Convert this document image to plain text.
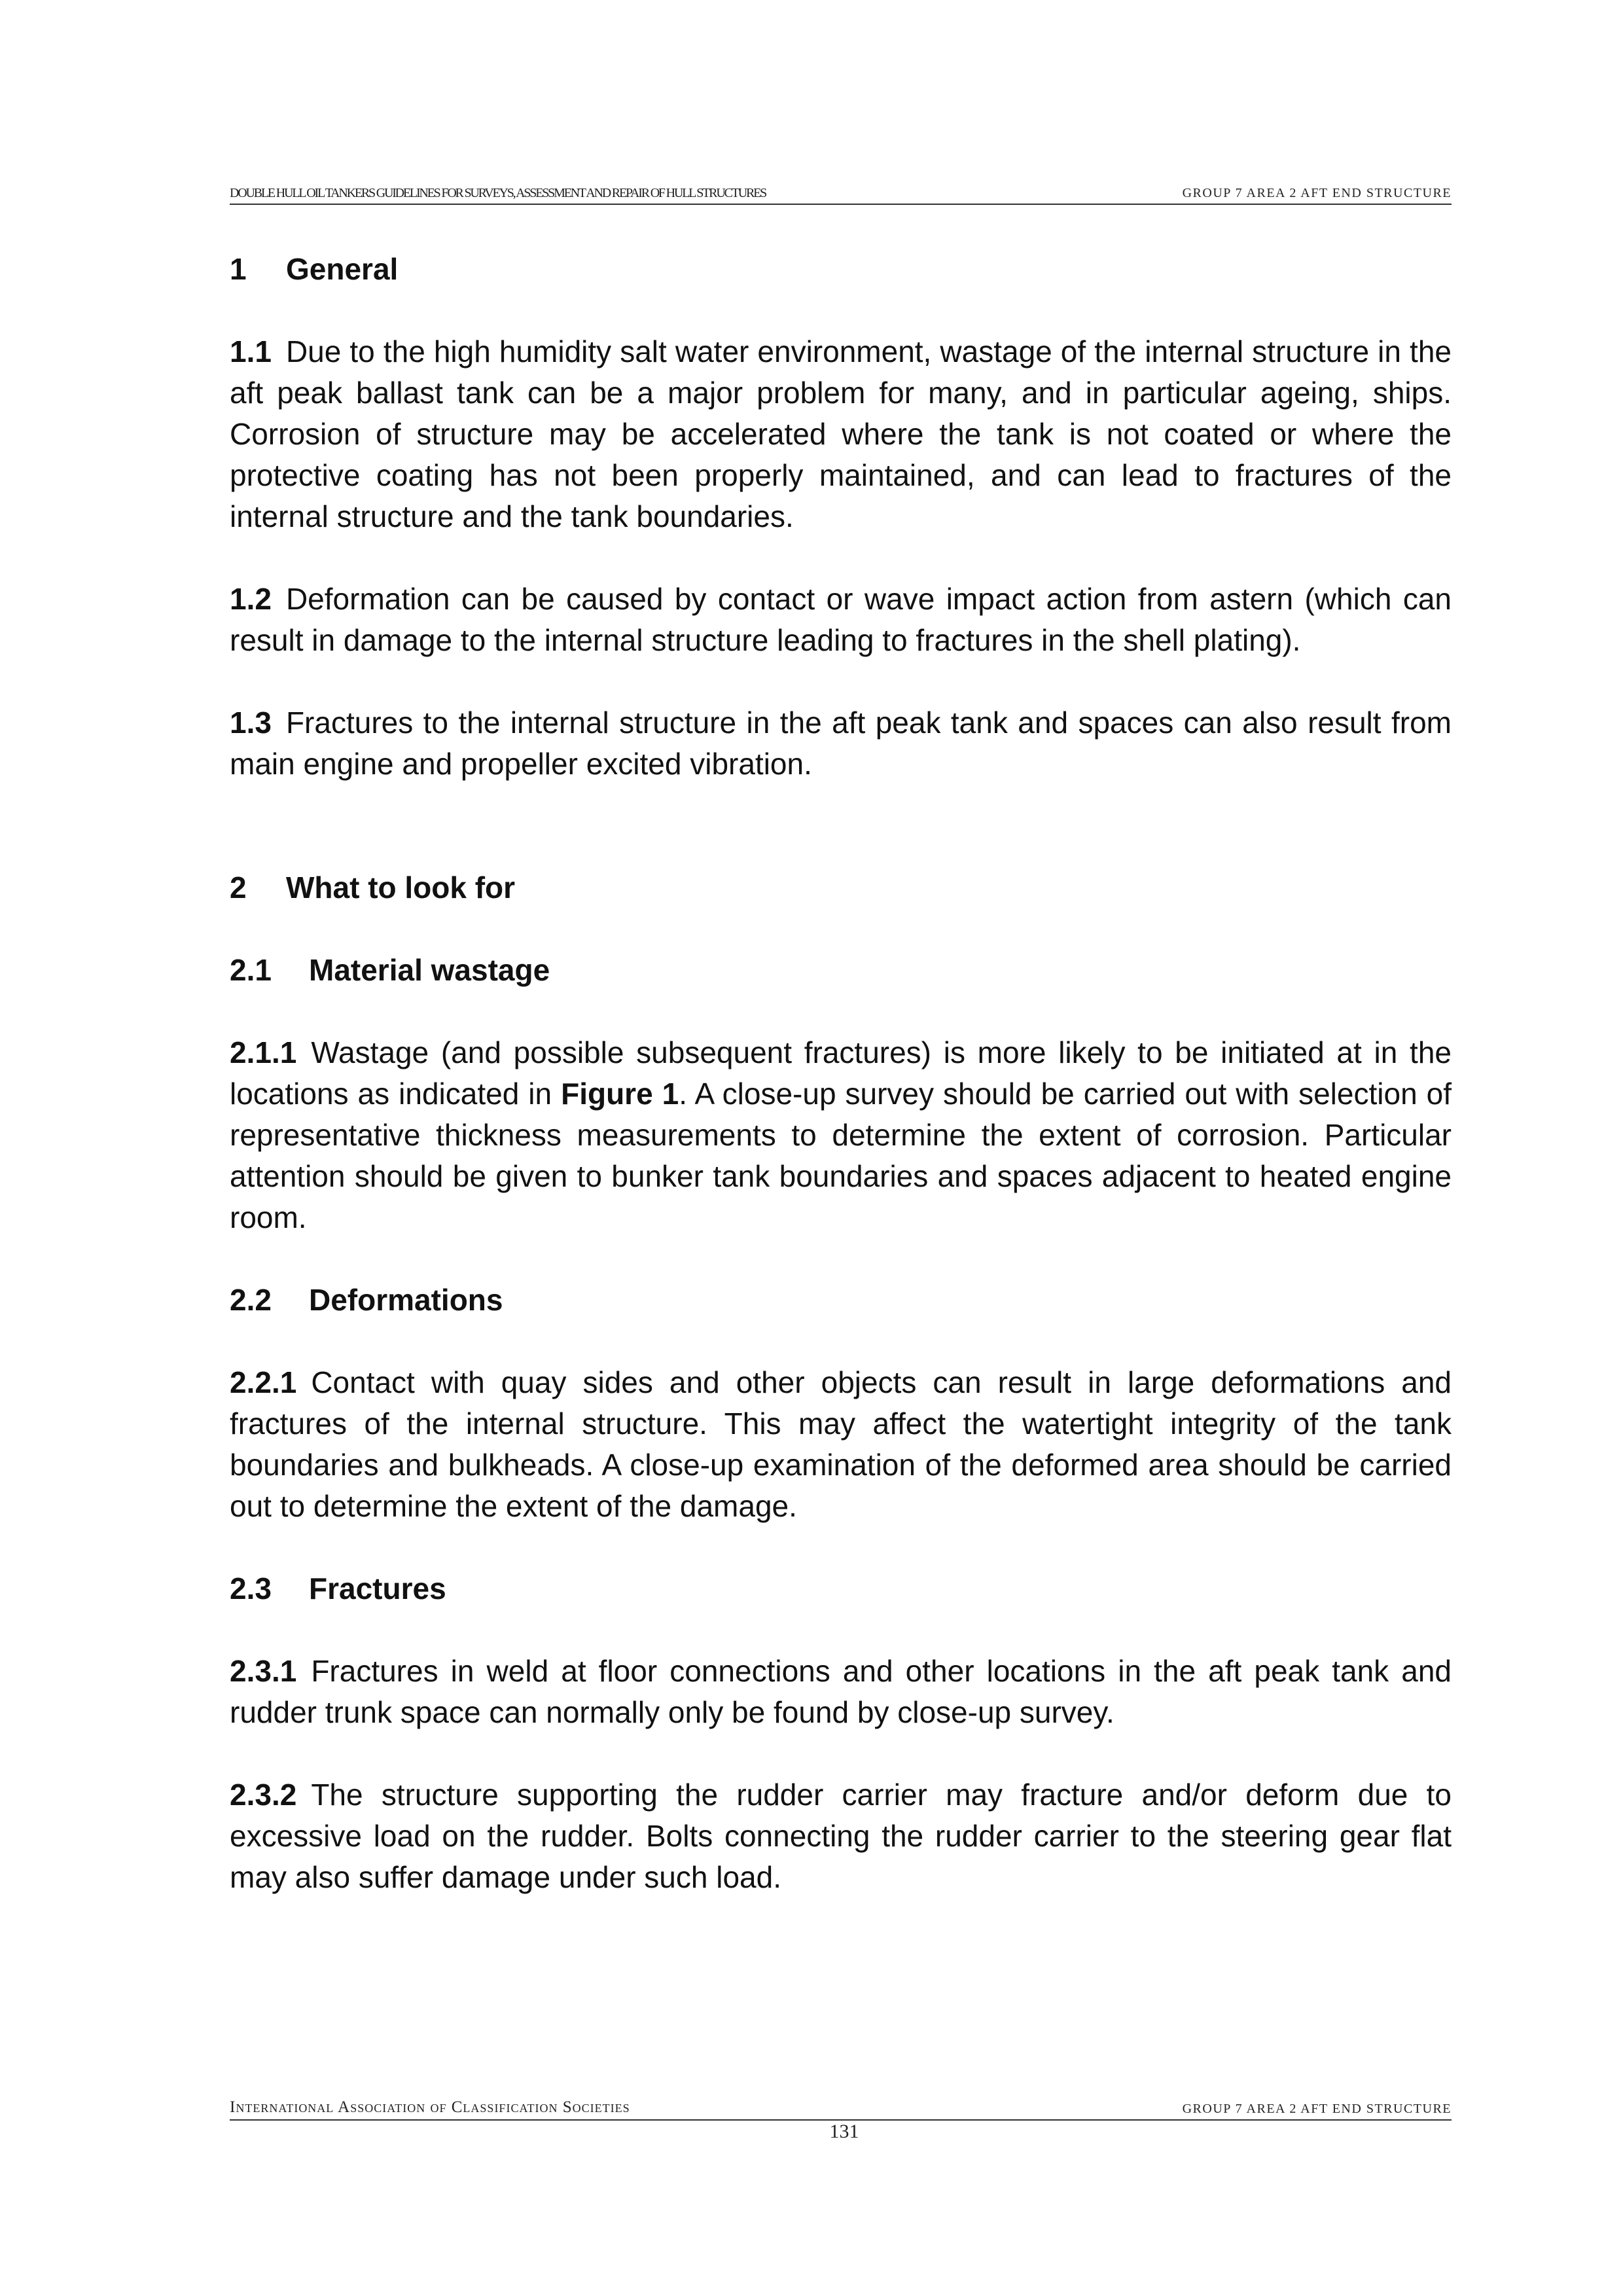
DOUBLE HULL OIL TANKERS GUIDELINES FOR SURVEYS, ASSESSMENT AND REPAIR OF HULL STRUCTURES	GROUP 7 AREA 2 AFT END STRUCTURE

1 General

1.1 Due to the high humidity salt water environment, wastage of the internal structure in the aft peak ballast tank can be a major problem for many, and in particular ageing, ships. Corrosion of structure may be accelerated where the tank is not coated or where the protective coating has not been properly maintained, and can lead to fractures of the internal structure and the tank boundaries.

1.2 Deformation can be caused by contact or wave impact action from astern (which can result in damage to the internal structure leading to fractures in the shell plating).

1.3 Fractures to the internal structure in the aft peak tank and spaces can also result from main engine and propeller excited vibration.

2 What to look for

2.1 Material wastage

2.1.1 Wastage (and possible subsequent fractures) is more likely to be initiated at in the locations as indicated in Figure 1. A close-up survey should be carried out with selection of representative thickness measurements to determine the extent of corrosion. Particular attention should be given to bunker tank boundaries and spaces adjacent to heated engine room.

2.2 Deformations

2.2.1 Contact with quay sides and other objects can result in large deformations and fractures of the internal structure. This may affect the watertight integrity of the tank boundaries and bulkheads. A close-up examination of the deformed area should be carried out to determine the extent of the damage.

2.3 Fractures

2.3.1 Fractures in weld at floor connections and other locations in the aft peak tank and rudder trunk space can normally only be found by close-up survey.

2.3.2 The structure supporting the rudder carrier may fracture and/or deform due to excessive load on the rudder. Bolts connecting the rudder carrier to the steering gear flat may also suffer damage under such load.

International Association of Classification Societies	GROUP 7 AREA 2 AFT END STRUCTURE
131
